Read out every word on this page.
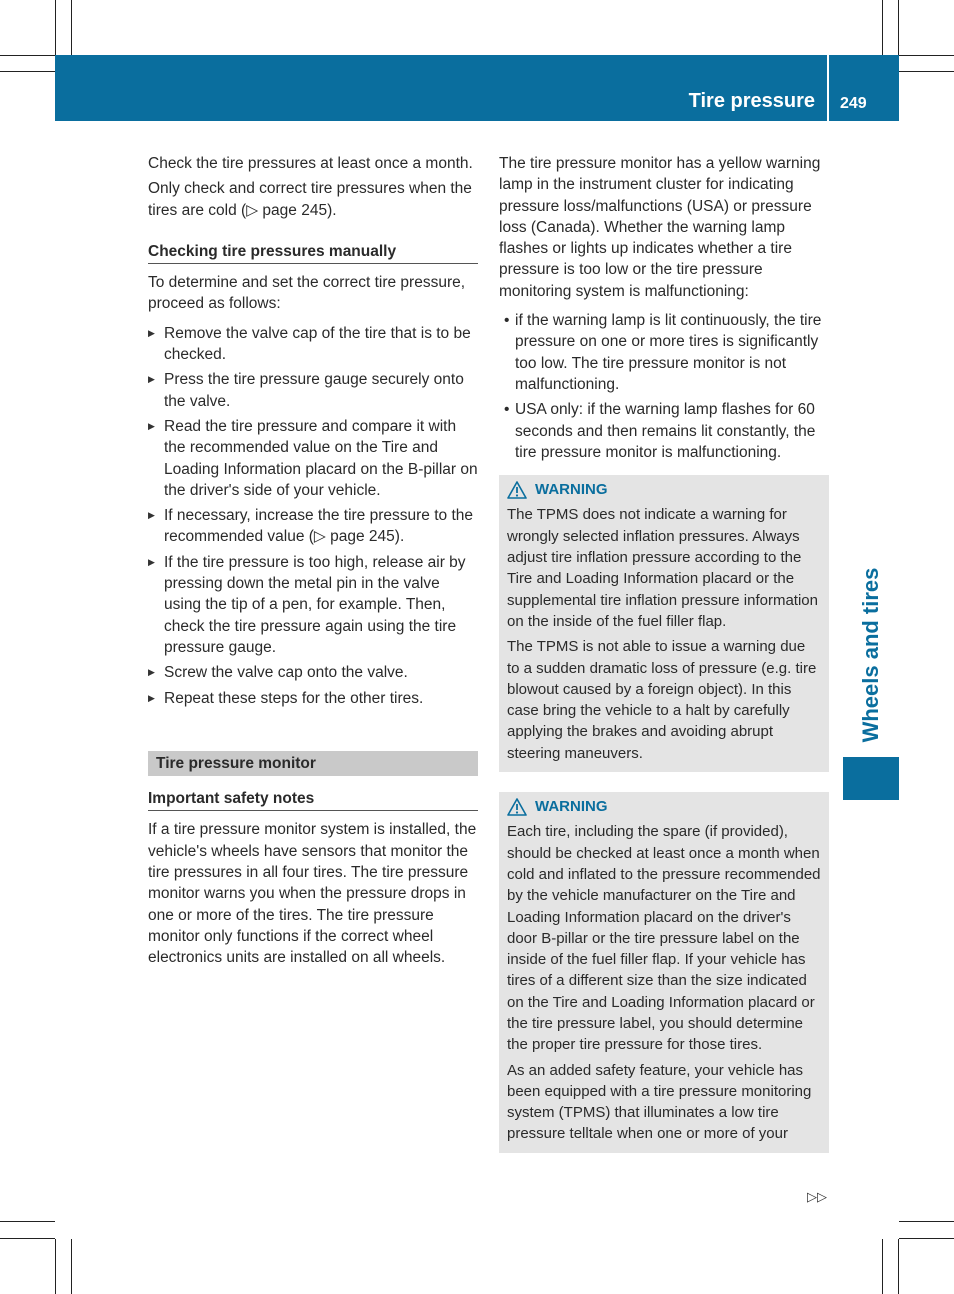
Tire pressure 249
Wheels and tires

Check the tire pressures at least once a month.

Only check and correct tire pressures when the tires are cold (▷ page 245).

Checking tire pressures manually

To determine and set the correct tire pressure, proceed as follows:

▶ Remove the valve cap of the tire that is to be checked.
▶ Press the tire pressure gauge securely onto the valve.
▶ Read the tire pressure and compare it with the recommended value on the Tire and Loading Information placard on the B-pillar on the driver's side of your vehicle.
▶ If necessary, increase the tire pressure to the recommended value (▷ page 245).
▶ If the tire pressure is too high, release air by pressing down the metal pin in the valve using the tip of a pen, for example. Then, check the tire pressure again using the tire pressure gauge.
▶ Screw the valve cap onto the valve.
▶ Repeat these steps for the other tires.
Tire pressure monitor
Important safety notes

If a tire pressure monitor system is installed, the vehicle's wheels have sensors that monitor the tire pressures in all four tires. The tire pressure monitor warns you when the pressure drops in one or more of the tires. The tire pressure monitor only functions if the correct wheel electronics units are installed on all wheels.

The tire pressure monitor has a yellow warning lamp in the instrument cluster for indicating pressure loss/malfunctions (USA) or pressure loss (Canada). Whether the warning lamp flashes or lights up indicates whether a tire pressure is too low or the tire pressure monitoring system is malfunctioning:

• if the warning lamp is lit continuously, the tire pressure on one or more tires is significantly too low. The tire pressure monitor is not malfunctioning.
• USA only: if the warning lamp flashes for 60 seconds and then remains lit constantly, the tire pressure monitor is malfunctioning.
WARNING

The TPMS does not indicate a warning for wrongly selected inflation pressures. Always adjust tire inflation pressure according to the Tire and Loading Information placard or the supplemental tire inflation pressure information on the inside of the fuel filler flap.

The TPMS is not able to issue a warning due to a sudden dramatic loss of pressure (e.g. tire blowout caused by a foreign object). In this case bring the vehicle to a halt by carefully applying the brakes and avoiding abrupt steering maneuvers.

WARNING

Each tire, including the spare (if provided), should be checked at least once a month when cold and inflated to the pressure recommended by the vehicle manufacturer on the Tire and Loading Information placard on the driver's door B-pillar or the tire pressure label on the inside of the fuel filler flap. If your vehicle has tires of a different size than the size indicated on the Tire and Loading Information placard or the tire pressure label, you should determine the proper tire pressure for those tires.

As an added safety feature, your vehicle has been equipped with a tire pressure monitoring system (TPMS) that illuminates a low tire pressure telltale when one or more of your

▷▷
